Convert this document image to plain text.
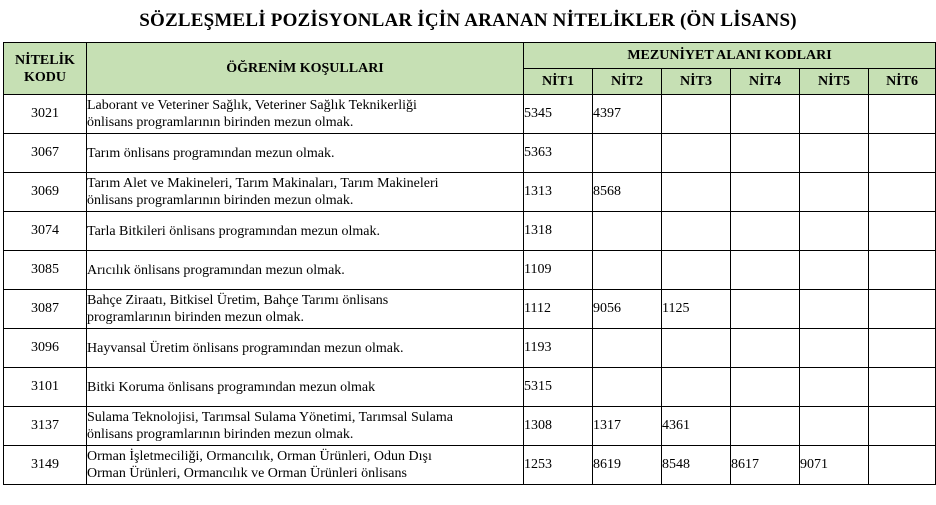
SÖZLEŞMELİ POZİSYONLAR İÇİN ARANAN NİTELİKLER (ÖN LİSANS)
NİTELİK
KODU	ÖĞRENİM KOŞULLARI	MEZUNİYET ALANI KODLARI					
		NİT1	NİT2	NİT3	NİT4	NİT5	NİT6
3021	Laborant ve Veteriner Sağlık, Veteriner Sağlık Teknikerliği
önlisans programlarının birinden mezun olmak.	5345	4397				
3067	Tarım önlisans programından mezun olmak.	5363					
3069	Tarım Alet ve Makineleri, Tarım Makinaları, Tarım Makineleri
önlisans programlarının birinden mezun olmak.	1313	8568				
3074	Tarla Bitkileri önlisans programından mezun olmak.	1318					
3085	Arıcılık önlisans programından mezun olmak.	1109					
3087	Bahçe Ziraatı, Bitkisel Üretim, Bahçe Tarımı önlisans
programlarının birinden mezun olmak.	1112	9056	1125			
3096	Hayvansal Üretim önlisans programından mezun olmak.	1193					
3101	Bitki Koruma önlisans programından mezun olmak	5315					
3137	Sulama Teknolojisi, Tarımsal Sulama Yönetimi, Tarımsal Sulama
önlisans programlarının birinden mezun olmak.	1308	1317	4361			
3149	Orman İşletmeciliği, Ormancılık, Orman Ürünleri, Odun Dışı
Orman Ürünleri, Ormancılık ve Orman Ürünleri önlisans	1253	8619	8548	8617	9071	
